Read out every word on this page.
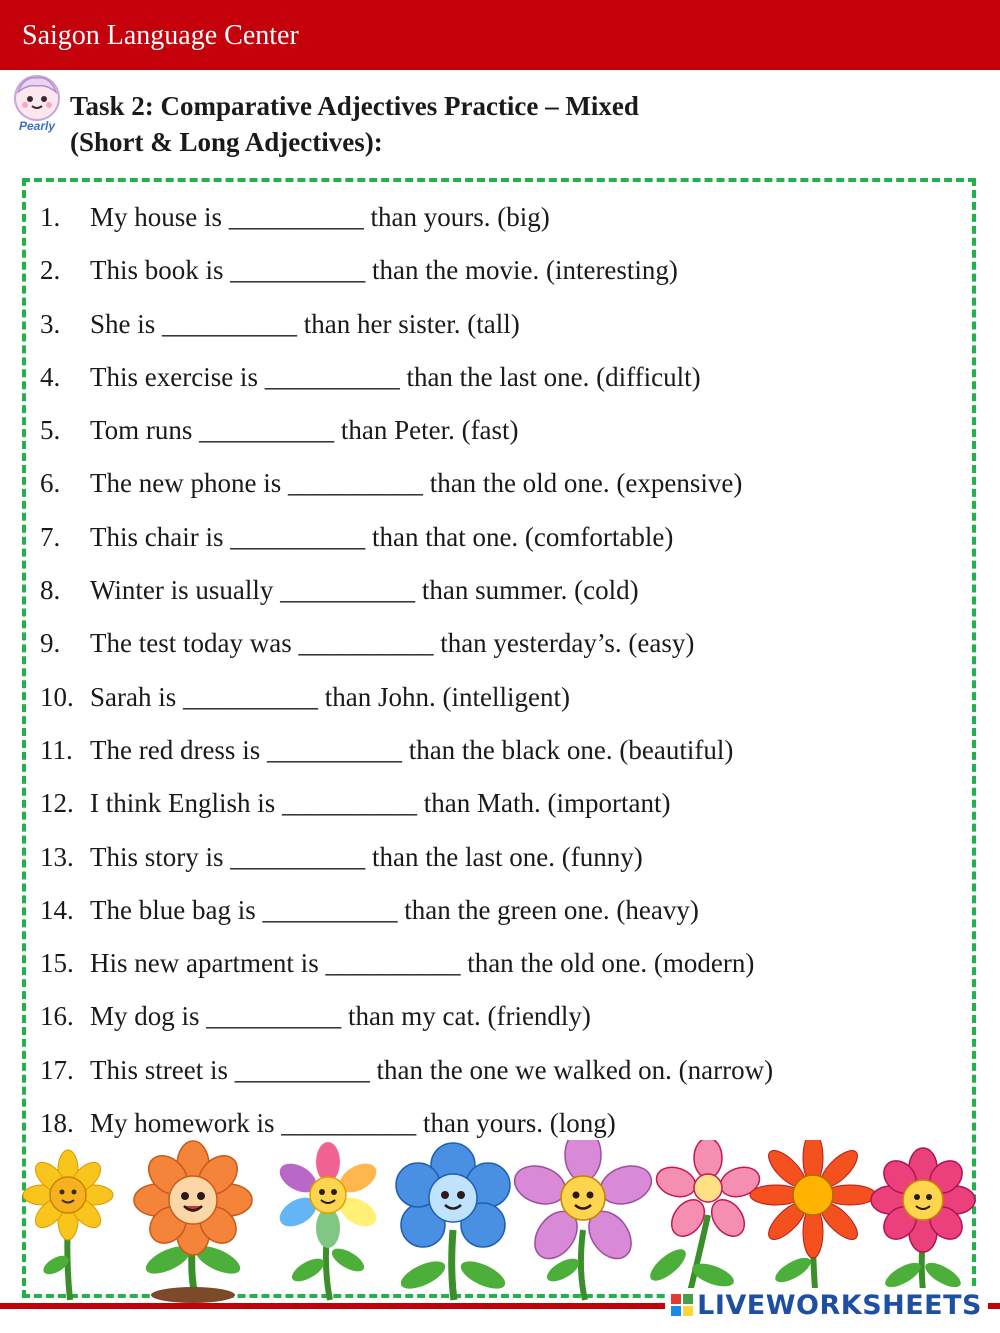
Saigon Language Center
Pearly
Task 2: Comparative Adjectives Practice – Mixed
(Short & Long Adjectives):
1.	My house is __________ than yours. (big)
2.	This book is __________ than the movie. (interesting)
3.	She is __________ than her sister. (tall)
4.	This exercise is __________ than the last one. (difficult)
5.	Tom runs __________ than Peter. (fast)
6.	The new phone is __________ than the old one. (expensive)
7.	This chair is __________ than that one. (comfortable)
8.	Winter is usually __________ than summer. (cold)
9.	The test today was __________ than yesterday’s. (easy)
10. Sarah is __________ than John. (intelligent)
11. The red dress is __________ than the black one. (beautiful)
12. I think English is __________ than Math. (important)
13. This story is __________ than the last one. (funny)
14. The blue bag is __________ than the green one. (heavy)
15. His new apartment is __________ than the old one. (modern)
16. My dog is __________ than my cat. (friendly)
17. This street is __________ than the one we walked on. (narrow)
18. My homework is __________ than yours. (long)
LIVEWORKSHEETS
